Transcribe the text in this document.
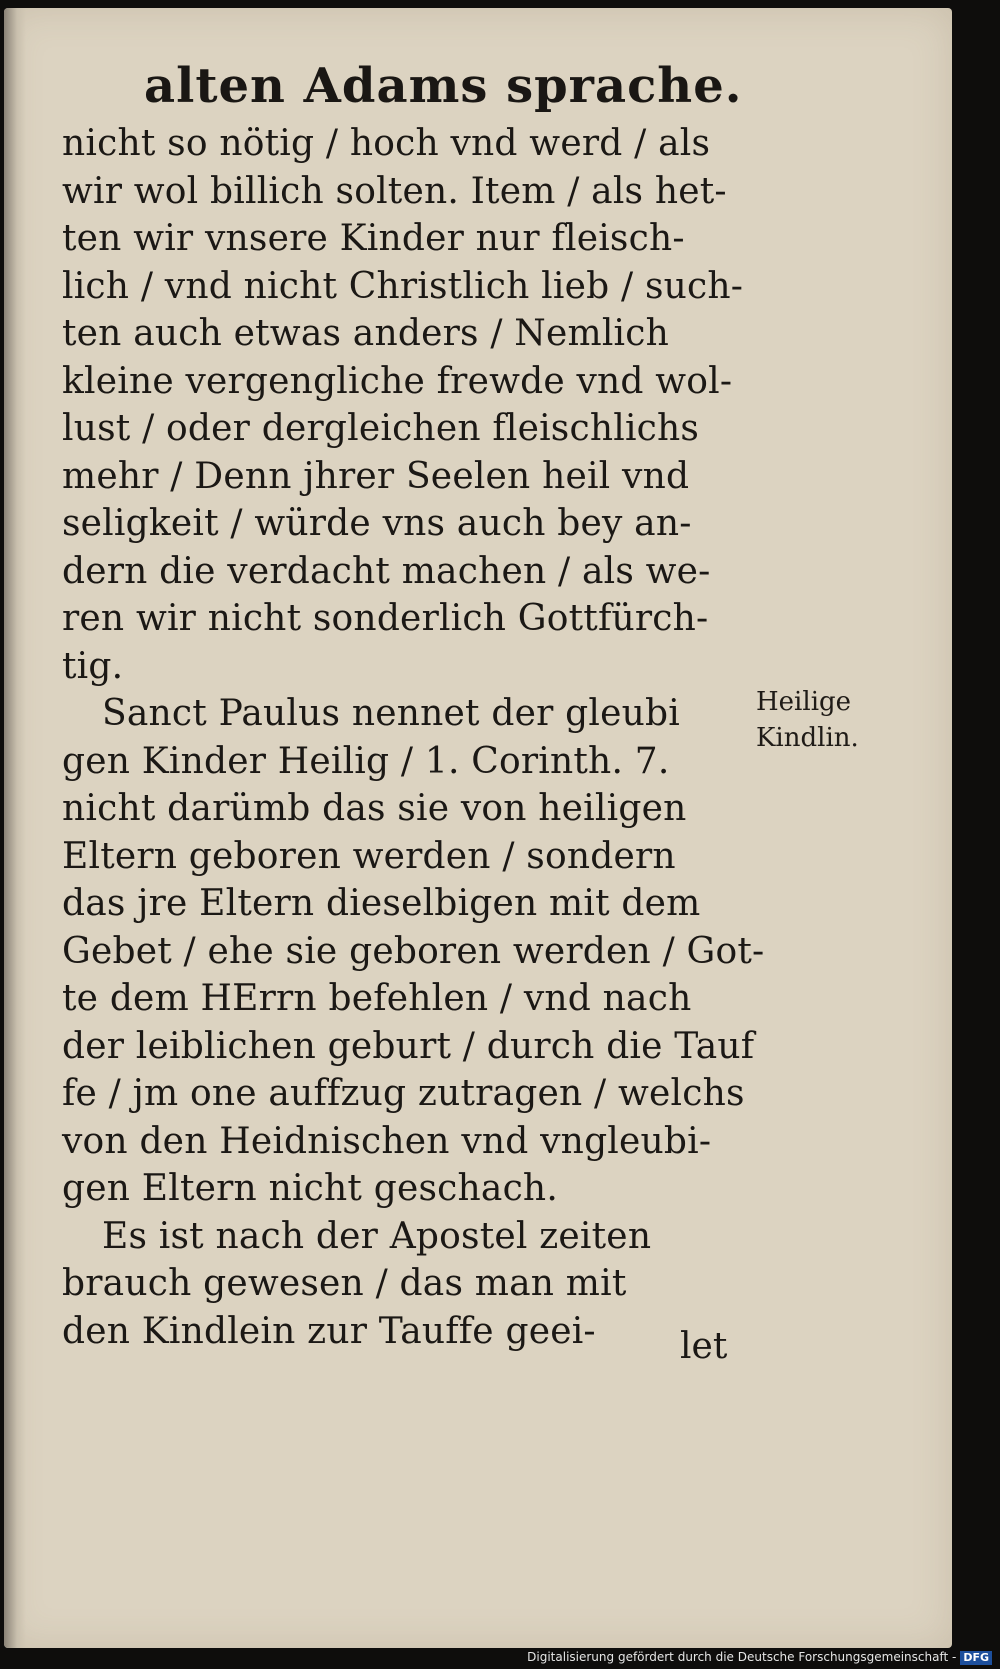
alten Adams sprache.
nicht so nötig / hoch vnd werd / als
wir wol billich solten. Item / als het-
ten wir vnsere Kinder nur fleisch-
lich / vnd nicht Christlich lieb / such-
ten auch etwas anders / Nemlich
kleine vergengliche frewde vnd wol-
lust / oder dergleichen fleischlichs
mehr / Denn jhrer Seelen heil vnd
seligkeit / würde vns auch bey an-
dern die verdacht machen / als we-
ren wir nicht sonderlich Gottfürch-
tig.
Sanct Paulus nennet der gleubi
gen Kinder Heilig / 1. Corinth. 7.
nicht darümb das sie von heiligen
Eltern geboren werden / sondern
das jre Eltern dieselbigen mit dem
Gebet / ehe sie geboren werden / Got-
te dem HErrn befehlen / vnd nach
der leiblichen geburt / durch die Tauf
fe / jm one auffzug zutragen / welchs
von den Heidnischen vnd vngleubi-
gen Eltern nicht geschach.
Es ist nach der Apostel zeiten
brauch gewesen / das man mit
den Kindlein zur Tauffe geei-
Heilige
Kindlin.
let
Digitalisierung gefördert durch die Deutsche Forschungsgemeinschaft - DFG
